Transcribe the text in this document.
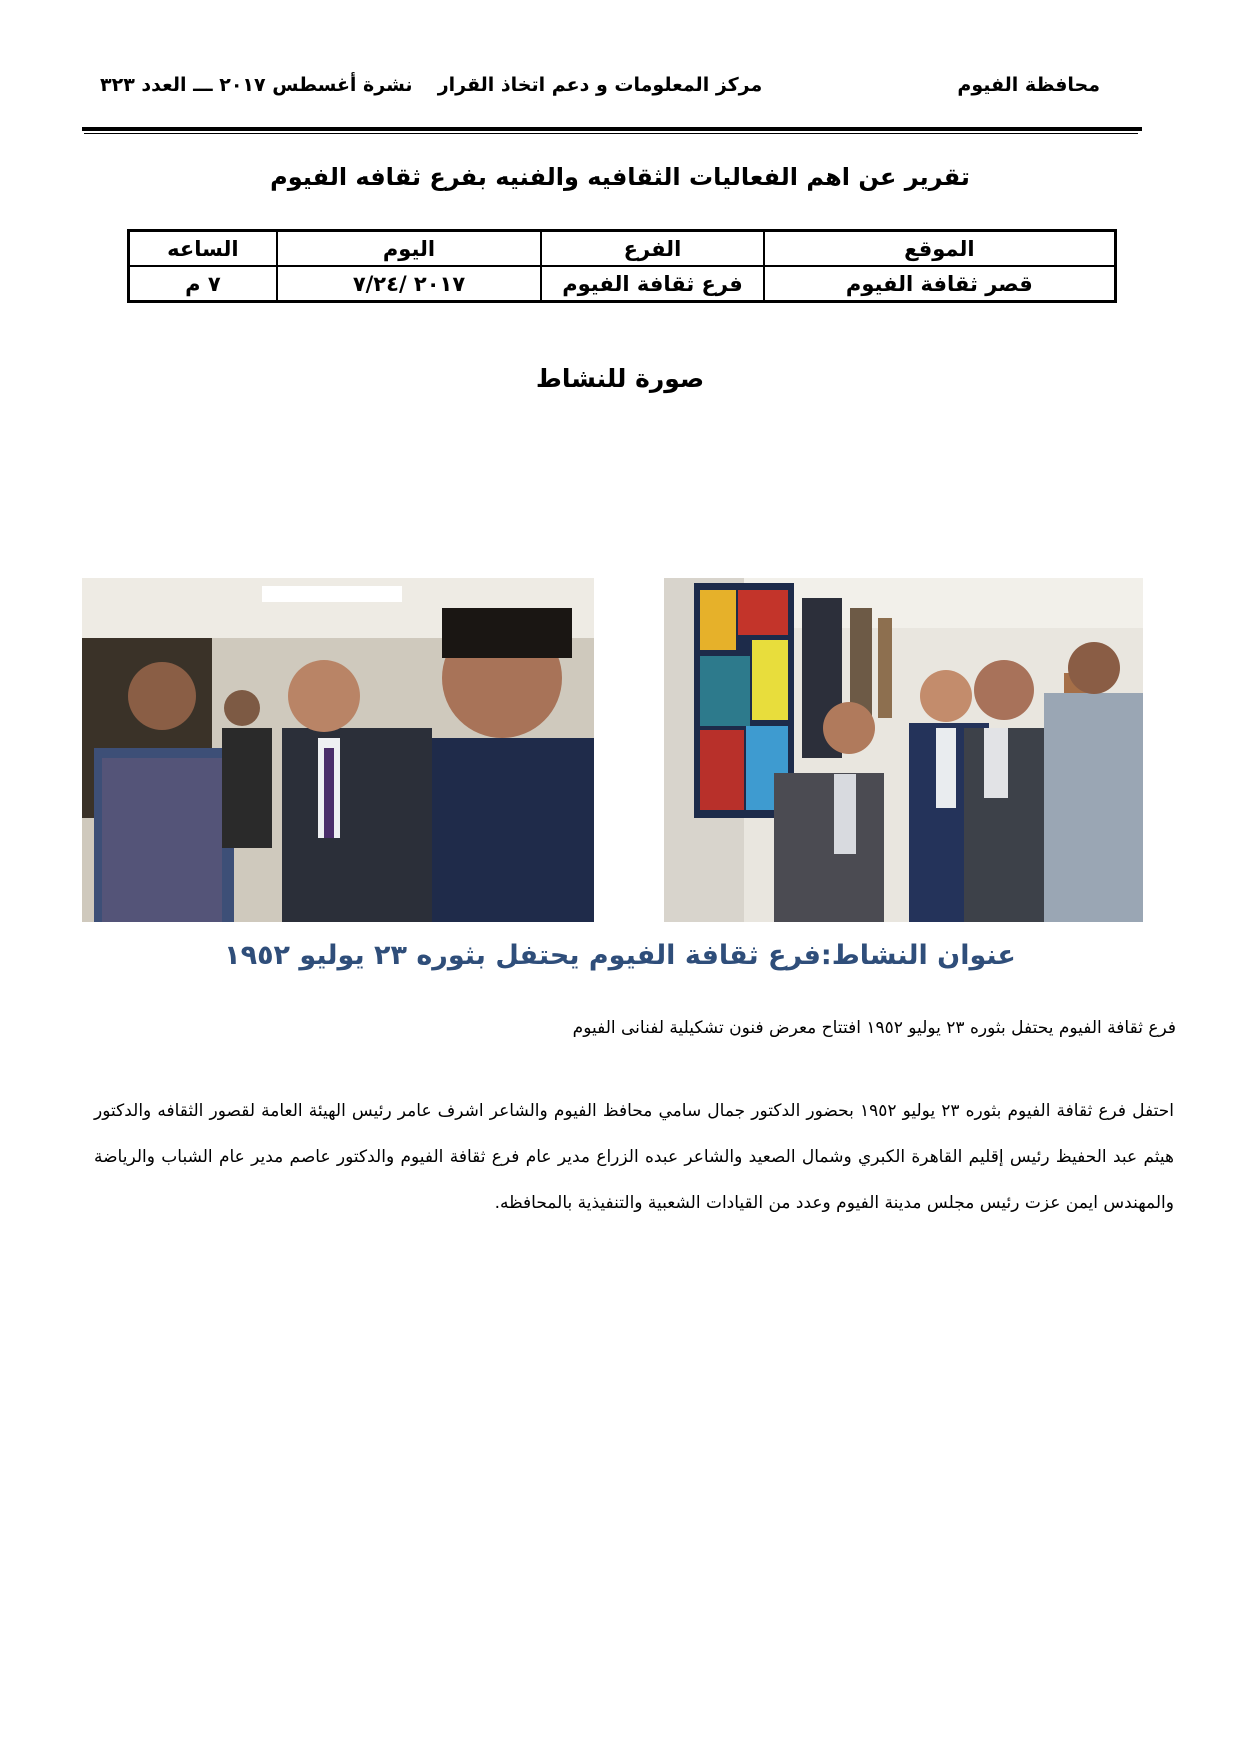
محافظة الفيوم
مركز المعلومات و دعم اتخاذ القرار
نشرة أغسطس ٢٠١٧ ـــ العدد ٣٢٣
تقرير عن اهم الفعاليات الثقافيه والفنيه بفرع ثقافه الفيوم
الموقع	الفرع	اليوم	الساعه
قصر ثقافة الفيوم	فرع ثقافة الفيوم	٢٠١٧ /٧/٢٤	٧ م
صورة للنشاط
عنوان النشاط:فرع ثقافة الفيوم يحتفل بثوره ٢٣ يوليو ١٩٥٢
فرع ثقافة الفيوم يحتفل بثوره ٢٣ يوليو ١٩٥٢ افتتاح معرض فنون تشكيلية لفنانى الفيوم
احتفل فرع ثقافة الفيوم بثوره ٢٣ يوليو ١٩٥٢ بحضور الدكتور جمال سامي محافظ الفيوم والشاعر اشرف عامر رئيس الهيئة العامة لقصور الثقافه والدكتور هيثم عبد الحفيظ رئيس إقليم القاهرة الكبري وشمال الصعيد والشاعر عبده الزراع مدير عام فرع ثقافة الفيوم والدكتور عاصم مدير عام الشباب والرياضة والمهندس ايمن عزت رئيس مجلس مدينة الفيوم وعدد من القيادات الشعبية والتنفيذية بالمحافظه.
